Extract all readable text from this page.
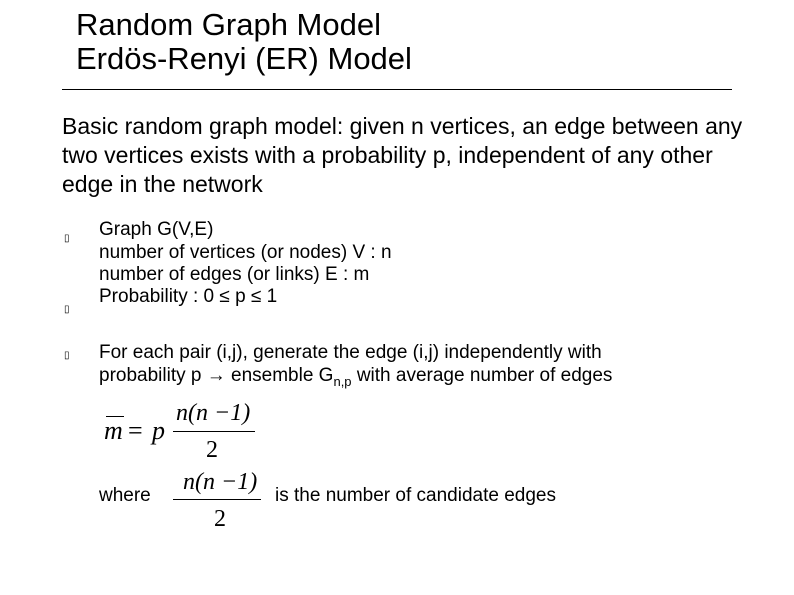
Random Graph Model
Erdös-Renyi (ER) Model
Basic random graph model: given n vertices, an edge between any two vertices exists with a probability p, independent of any other edge in the network
▯ Graph G(V,E)
number of vertices (or nodes) V : n
number of edges (or links) E : m
▯
Probability : 0 ≤ p ≤ 1
▯ For each pair (i,j), generate the edge (i,j) independently with
probability p → ensemble $G_{n,p}$ with average number of edges
m = p
n(n −1)
2
where
n(n −1)
2
is the number of candidate edges
